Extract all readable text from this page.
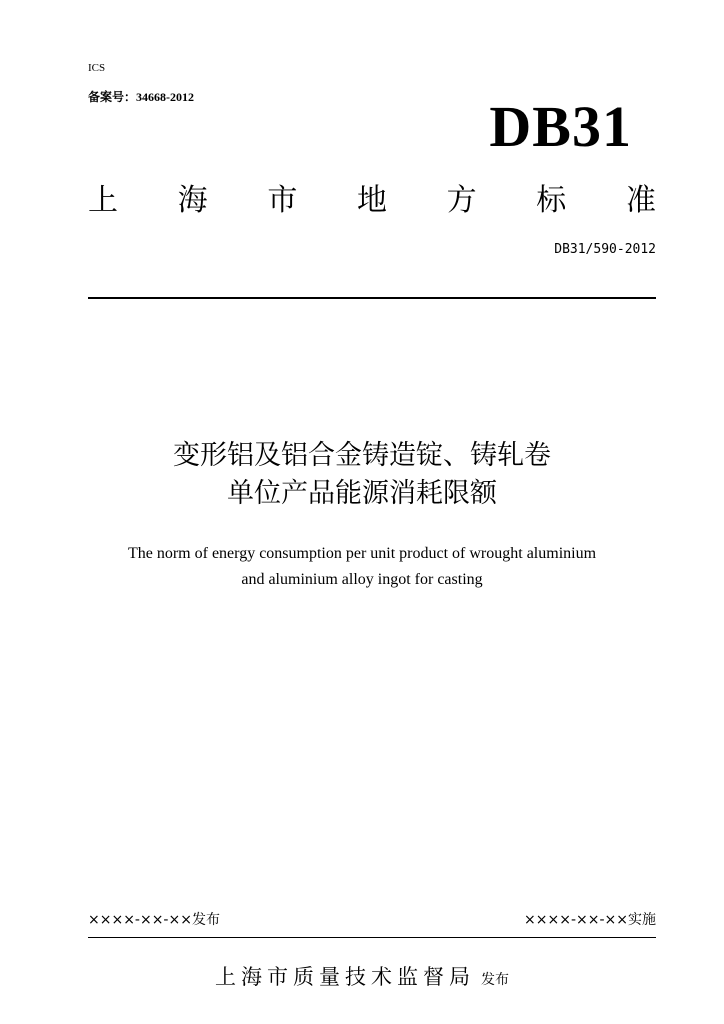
ICS
备案号：34668-2012	DB31
上 海 市 地 方 标 准
DB31/590-2012
变形铝及铝合金铸造锭、铸轧卷
单位产品能源消耗限额
The norm of energy consumption per unit product of wrought aluminium
and aluminium alloy ingot for casting
××××-××-××发布	××××-××-××实施
上海市质量技术监督局 发布
